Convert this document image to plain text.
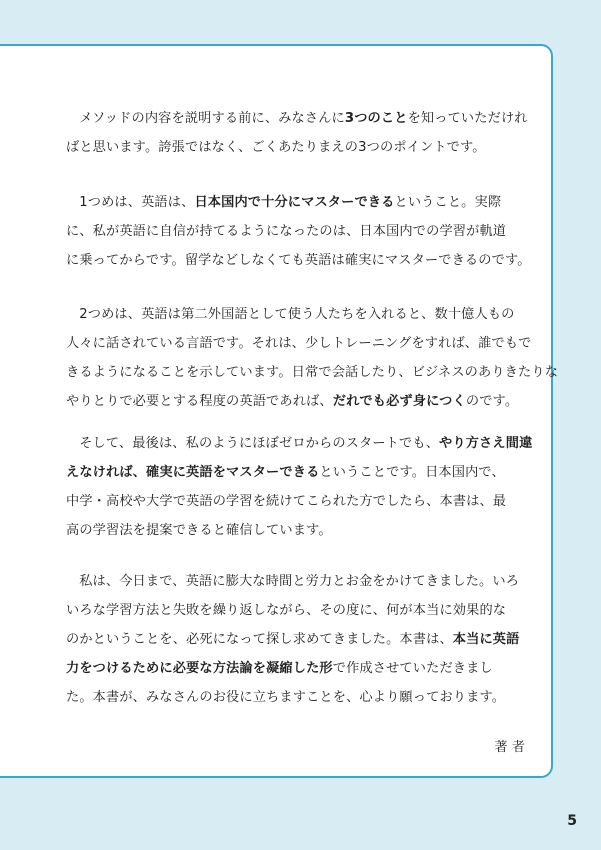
メソッドの内容を説明する前に、みなさんに3つのことを知っていただけれ
ばと思います。誇張ではなく、ごくあたりまえの3つのポイントです。
1つめは、英語は、日本国内で十分にマスターできるということ。実際
に、私が英語に自信が持てるようになったのは、日本国内での学習が軌道
に乗ってからです。留学などしなくても英語は確実にマスターできるのです。
2つめは、英語は第二外国語として使う人たちを入れると、数十億人もの
人々に話されている言語です。それは、少しトレーニングをすれば、誰でもで
きるようになることを示しています。日常で会話したり、ビジネスのありきたりな
やりとりで必要とする程度の英語であれば、だれでも必ず身につくのです。
そして、最後は、私のようにほぼゼロからのスタートでも、やり方さえ間違
えなければ、確実に英語をマスターできるということです。日本国内で、
中学・高校や大学で英語の学習を続けてこられた方でしたら、本書は、最
高の学習法を提案できると確信しています。
私は、今日まで、英語に膨大な時間と労力とお金をかけてきました。いろ
いろな学習方法と失敗を繰り返しながら、その度に、何が本当に効果的な
のかということを、必死になって探し求めてきました。本書は、本当に英語
力をつけるために必要な方法論を凝縮した形で作成させていただきまし
た。本書が、みなさんのお役に立ちますことを、心より願っております。

著 者

5
